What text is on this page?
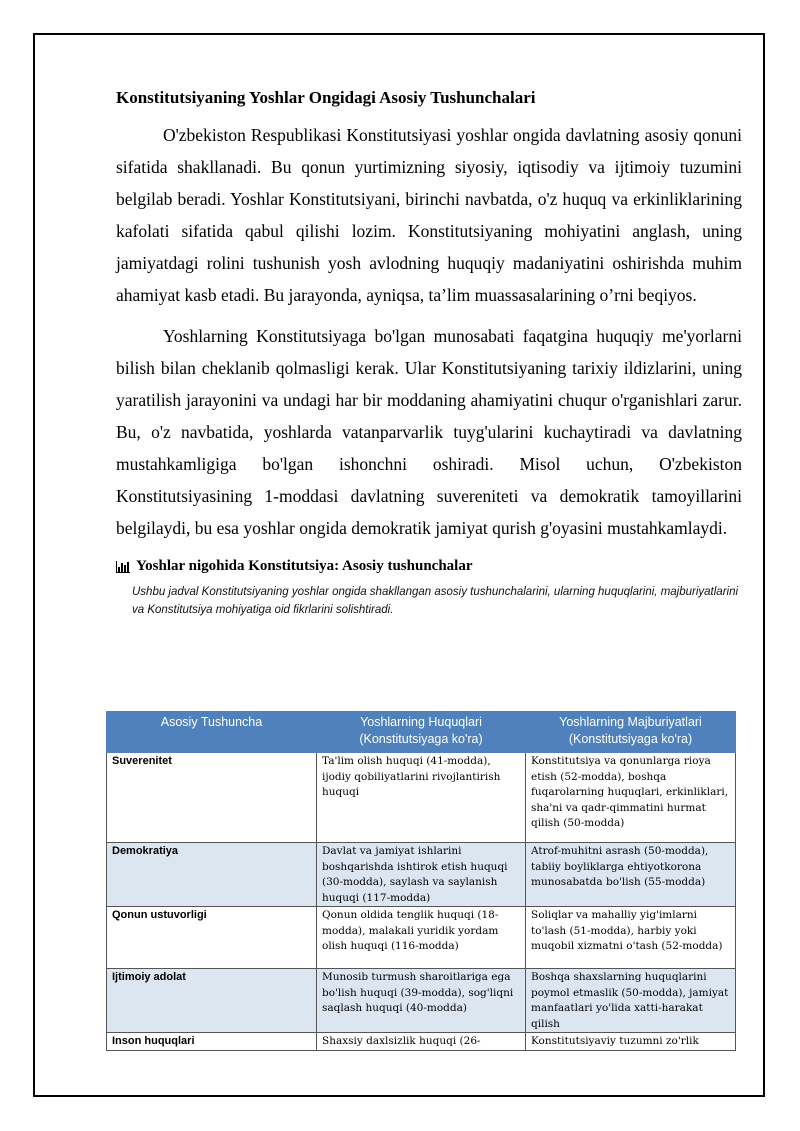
Konstitutsiyaning Yoshlar Ongidagi Asosiy Tushunchalari

O'zbekiston Respublikasi Konstitutsiyasi yoshlar ongida davlatning asosiy qonuni sifatida shakllanadi. Bu qonun yurtimizning siyosiy, iqtisodiy va ijtimoiy tuzumini belgilab beradi. Yoshlar Konstitutsiyani, birinchi navbatda, o'z huquq va erkinliklarining kafolati sifatida qabul qilishi lozim. Konstitutsiyaning mohiyatini anglash, uning jamiyatdagi rolini tushunish yosh avlodning huquqiy madaniyatini oshirishda muhim ahamiyat kasb etadi. Bu jarayonda, ayniqsa, ta’lim muassasalarining o’rni beqiyos.

Yoshlarning Konstitutsiyaga bo'lgan munosabati faqatgina huquqiy me'yorlarni bilish bilan cheklanib qolmasligi kerak. Ular Konstitutsiyaning tarixiy ildizlarini, uning yaratilish jarayonini va undagi har bir moddaning ahamiyatini chuqur o'rganishlari zarur. Bu, o'z navbatida, yoshlarda vatanparvarlik tuyg'ularini kuchaytiradi va davlatning mustahkamligiga bo'lgan ishonchni oshiradi. Misol uchun, O'zbekiston Konstitutsiyasining 1-moddasi davlatning suvereniteti va demokratik tamoyillarini belgilaydi, bu esa yoshlar ongida demokratik jamiyat qurish g'oyasini mustahkamlaydi.

Yoshlar nigohida Konstitutsiya: Asosiy tushunchalar
Ushbu jadval Konstitutsiyaning yoshlar ongida shakllangan asosiy tushunchalarini, ularning huquqlarini, majburiyatlarini va Konstitutsiya mohiyatiga oid fikrlarini solishtiradi.
Asosiy Tushuncha	Yoshlarning Huquqlari (Konstitutsiyaga ko'ra)	Yoshlarning Majburiyatlari (Konstitutsiyaga ko'ra)
Suverenitet	Ta'lim olish huquqi (41-modda), ijodiy qobiliyatlarini rivojlantirish huquqi	Konstitutsiya va qonunlarga rioya etish (52-modda), boshqa fuqarolarning huquqlari, erkinliklari, sha'ni va qadr-qimmatini hurmat qilish (50-modda)
Demokratiya	Davlat va jamiyat ishlarini boshqarishda ishtirok etish huquqi (30-modda), saylash va saylanish huquqi (117-modda)	Atrof-muhitni asrash (50-modda), tabiiy boyliklarga ehtiyotkorona munosabatda bo'lish (55-modda)
Qonun ustuvorligi	Qonun oldida tenglik huquqi (18-modda), malakali yuridik yordam olish huquqi (116-modda)	Soliqlar va mahalliy yig'imlarni to'lash (51-modda), harbiy yoki muqobil xizmatni o'tash (52-modda)
Ijtimoiy adolat	Munosib turmush sharoitlariga ega bo'lish huquqi (39-modda), sog'liqni saqlash huquqi (40-modda)	Boshqa shaxslarning huquqlarini poymol etmaslik (50-modda), jamiyat manfaatlari yo'lida xatti-harakat qilish
Inson huquqlari	Shaxsiy daxlsizlik huquqi (26-	Konstitutsiyaviy tuzumni zo'rlik
